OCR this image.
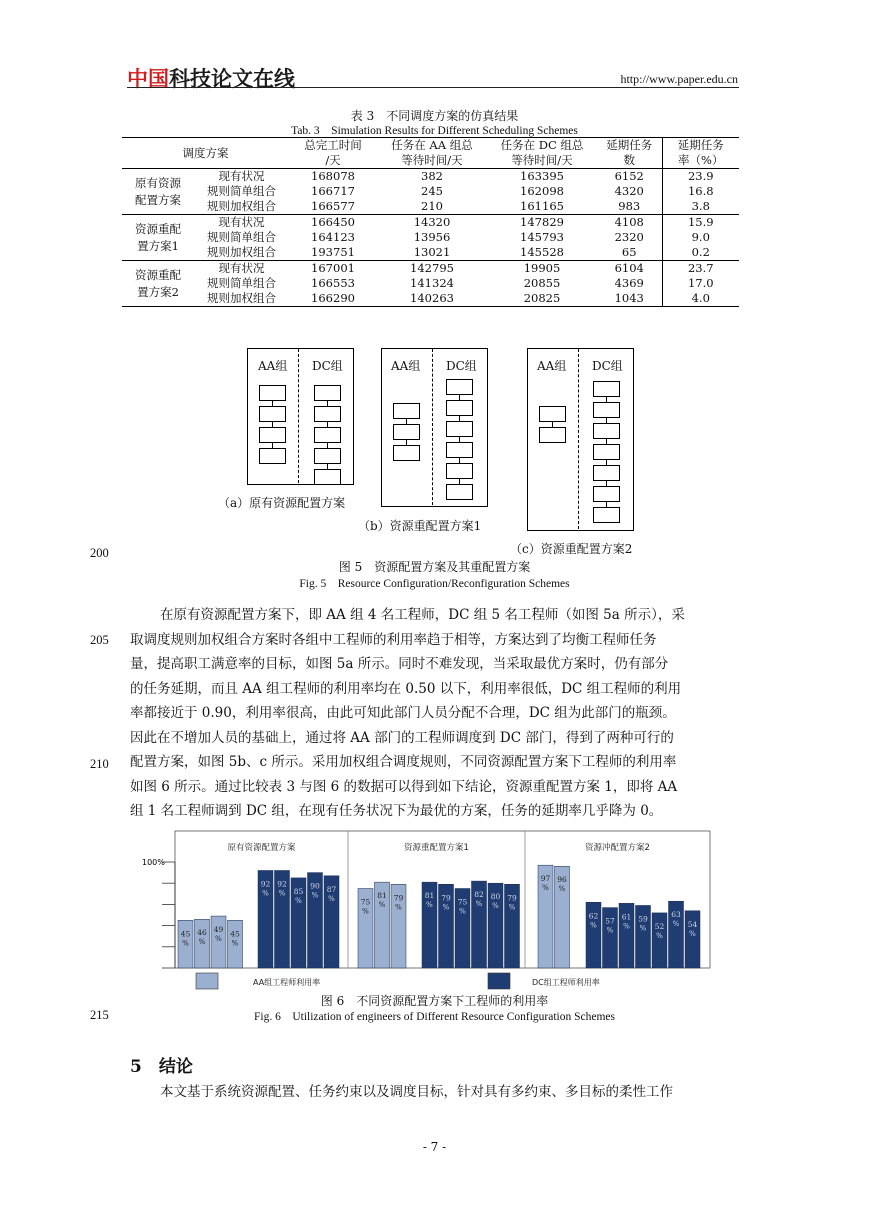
中国科技论文在线	http://www.paper.edu.cn
表 3　不同调度方案的仿真结果
Tab. 3　Simulation Results for Different Scheduling Schemes
调度方案		总完工时间	任务在 AA 组总	任务在 DC 组总	延期任务	延期任务
		/天	等待时间/天	等待时间/天	数	率（%）
原有资源
配置方案	现有状况	168078	382	163395	6152	23.9
	规则简单组合	166717	245	162098	4320	16.8
	规则加权组合	166577	210	161165	983	3.8
资源重配
置方案1	现有状况	166450	14320	147829	4108	15.9
	规则简单组合	164123	13956	145793	2320	9.0
	规则加权组合	193751	13021	145528	65	0.2
资源重配
置方案2	现有状况	167001	142795	19905	6104	23.7
	规则简单组合	166553	141324	20855	4369	17.0
	规则加权组合	166290	140263	20825	1043	4.0
AA组 DC组
（a）原有资源配置方案
AA组 DC组
（b）资源重配置方案1
AA组 DC组
（c）资源重配置方案2
图 5　资源配置方案及其重配置方案
Fig. 5　Resource Configuration/Reconfiguration Schemes
200
205
210
215

在原有资源配置方案下，即 AA 组 4 名工程师，DC 组 5 名工程师（如图 5a 所示），采

取调度规则加权组合方案时各组中工程师的利用率趋于相等，方案达到了均衡工程师任务

量，提高职工满意率的目标，如图 5a 所示。同时不难发现，当采取最优方案时，仍有部分

的任务延期，而且 AA 组工程师的利用率均在 0.50 以下，利用率很低，DC 组工程师的利用

率都接近于 0.90，利用率很高，由此可知此部门人员分配不合理，DC 组为此部门的瓶颈。

因此在不增加人员的基础上，通过将 AA 部门的工程师调度到 DC 部门，得到了两种可行的

配置方案，如图 5b、c 所示。采用加权组合调度规则，不同资源配置方案下工程师的利用率

如图 6 所示。通过比较表 3 与图 6 的数据可以得到如下结论，资源重配置方案 1，即将 AA

组 1 名工程师调到 DC 组，在现有任务状况下为最优的方案，任务的延期率几乎降为 0。

原有资源配置方案	资源重配置方案1	资源冲配置方案2
45
%
46
%
49
%
45
%
92
%
92
% 85
%
90
%
87
%	75
%
81
%
79
%
81
%
79
%
75
%
82
%
80
%
79
%
97
%
96
%
62
% 57
%
61
%
59
% 52
%
63
% 54
%
100%
AA组工程师利用率	DC组工程师利用率
图 6　不同资源配置方案下工程师的利用率
Fig. 6　Utilization of engineers of Different Resource Configuration Schemes
5　结论
本文基于系统资源配置、任务约束以及调度目标，针对具有多约束、多目标的柔性工作
- 7 -
